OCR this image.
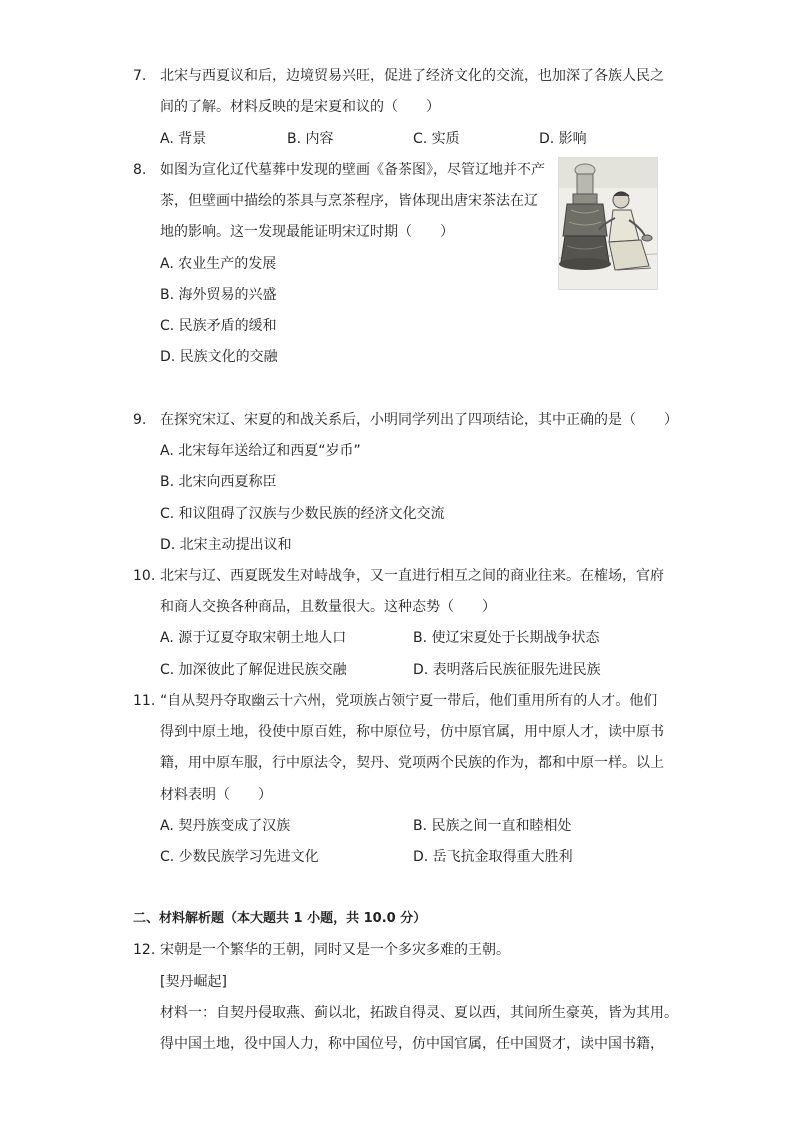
7. 北宋与西夏议和后，边境贸易兴旺，促进了经济文化的交流，也加深了各族人民之
间的了解。材料反映的是宋夏和议的（　　）
A. 背景	B. 内容	C. 实质	D. 影响
8. 如图为宣化辽代墓葬中发现的壁画《备茶图》，尽管辽地并不产
茶，但壁画中描绘的茶具与烹茶程序，皆体现出唐宋茶法在辽
地的影响。这一发现最能证明宋辽时期（　　）
A. 农业生产的发展
B. 海外贸易的兴盛
C. 民族矛盾的缓和
D. 民族文化的交融
9. 在探究宋辽、宋夏的和战关系后，小明同学列出了四项结论，其中正确的是（　　）
A. 北宋每年送给辽和西夏“岁币”
B. 北宋向西夏称臣
C. 和议阻碍了汉族与少数民族的经济文化交流
D. 北宋主动提出议和
10. 北宋与辽、西夏既发生对峙战争，又一直进行相互之间的商业往来。在榷场，官府
和商人交换各种商品，且数量很大。这种态势（　　）
A. 源于辽夏夺取宋朝土地人口	B. 使辽宋夏处于长期战争状态
C. 加深彼此了解促进民族交融	D. 表明落后民族征服先进民族
11. “自从契丹夺取幽云十六州，党项族占领宁夏一带后，他们重用所有的人才。他们
得到中原土地，役使中原百姓，称中原位号，仿中原官属，用中原人才，读中原书
籍，用中原车服，行中原法令，契丹、党项两个民族的作为，都和中原一样。以上
材料表明（　　）
A. 契丹族变成了汉族	B. 民族之间一直和睦相处
C. 少数民族学习先进文化	D. 岳飞抗金取得重大胜利
二、材料解析题（本大题共 1 小题，共 10.0 分）
12. 宋朝是一个繁华的王朝，同时又是一个多灾多难的王朝。
[契丹崛起]
材料一：自契丹侵取燕、蓟以北，拓跋自得灵、夏以西，其间所生豪英，皆为其用。
得中国土地，役中国人力，称中国位号，仿中国官属，任中国贤才，读中国书籍，
